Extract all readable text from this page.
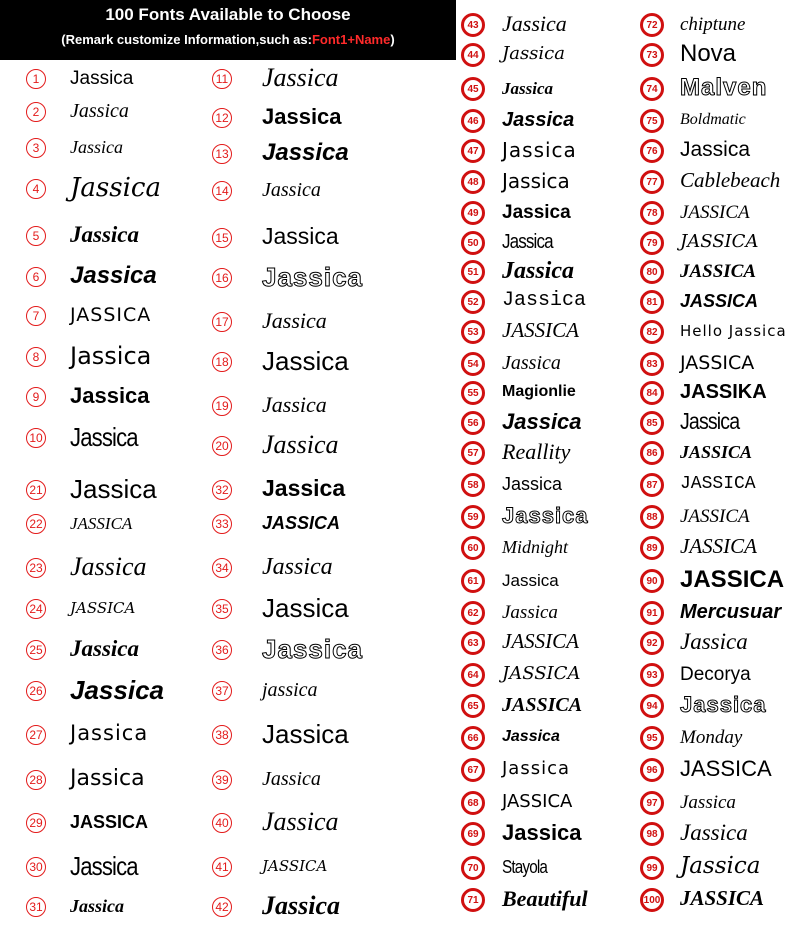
100 Fonts Available to Choose
(Remark customize Information,such as:Font1+Name)
1	Jassica
2	Jassica
3	Jassica
4 Jassica
5 Jassica
6 Jassica
7	JASSICA
8 Jassica
9	Jassica
10 Jassica
21 Jassica
22 JASSICA
23 Jassica
24 JASSICA
25 Jassica
26 Jassica
27 Jassica
28 Jassica
29 JASSICA
30 Jassica
31 Jassica
11 Jassica
12 Jassica
13 Jassica
14 Jassica
15 Jassica
16 Jassica
17 Jassica
18 Jassica
19 Jassica
20 Jassica
32 Jassica
33 JASSICA
34 Jassica
35 Jassica
36 Jassica
37 jassica
38 Jassica
39 Jassica
40 Jassica
41 JASSICA
42 Jassica
43 Jassica
44	Jassica
45	Jassica
46	Jassica
47	Jassica
48	Jassica
49	Jassica
50	Jassica
51 Jassica
52	Jassica
53	JASSICA
54	Jassica
55	Magionlie
56 Jassica
57 Reallity
58	Jassica
59 Jassica
60	Midnight
61	Jassica
62	Jassica
63	JASSICA
64	JASSICA
65	JASSICA
66	Jassica
67	Jassica
68	JASSICA
69 Jassica
70	Stayola
71 Beautiful
72	chiptune
73 Nova
74 Malven
75	Boldmatic
76	Jassica
77	Cablebeach
78	JASSICA
79	JASSICA
80	JASSICA
81	JASSICA
82	Hello Jassica
83	JASSICA
84	JASSIKA
85 Jassica
86	JASSICA
87	JASSICA
88	JASSICA
89	JASSICA
90 JASSICA
91	Mercusuar
92 Jassica
93	Decorya
94 Jassica
95	Monday
96 JASSICA
97	Jassica
98 Jassica
99 Jassica
100 JASSICA
